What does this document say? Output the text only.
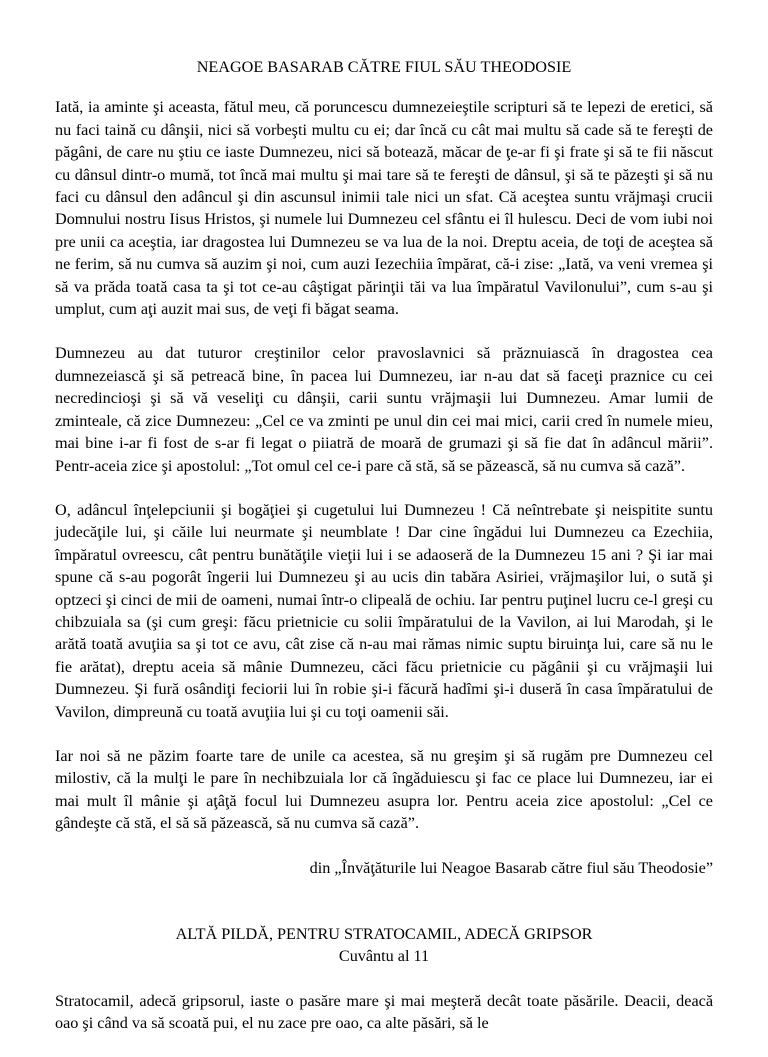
NEAGOE BASARAB CĂTRE FIUL SĂU THEODOSIE

Iată, ia aminte şi aceasta, fătul meu, că poruncescu dumnezeieştile scripturi să te lepezi de eretici, să nu faci taină cu dânşii, nici să vorbeşti multu cu ei; dar încă cu cât mai multu să cade să te fereşti de păgâni, de care nu ştiu ce iaste Dumnezeu, nici să botează, măcar de ţe-ar fi şi frate şi să te fii născut cu dânsul dintr-o mumă, tot încă mai multu şi mai tare să te fereşti de dânsul, şi să te păzeşti şi să nu faci cu dânsul den adâncul şi din ascunsul inimii tale nici un sfat. Că aceştea suntu vrăjmaşi crucii Domnului nostru Iisus Hristos, şi numele lui Dumnezeu cel sfântu ei îl hulescu. Deci de vom iubi noi pre unii ca aceştia, iar dragostea lui Dumnezeu se va lua de la noi. Dreptu aceia, de toţi de aceştea să ne ferim, să nu cumva să auzim şi noi, cum auzi Iezechiia împărat, că-i zise: „Iată, va veni vremea şi să va prăda toată casa ta şi tot ce-au câştigat părinţii tăi va lua împăratul Vavilonului”, cum s-au şi umplut, cum aţi auzit mai sus, de veţi fi băgat seama.

Dumnezeu au dat tuturor creştinilor celor pravoslavnici să prăznuiască în dragostea cea dumnezeiască şi să petreacă bine, în pacea lui Dumnezeu, iar n-au dat să faceţi praznice cu cei necredincioşi şi să vă veseliţi cu dânşii, carii suntu vrăjmaşii lui Dumnezeu. Amar lumii de zminteale, că zice Dumnezeu: „Cel ce va zminti pe unul din cei mai mici, carii cred în numele mieu, mai bine i-ar fi fost de s-ar fi legat o piiatră de moară de grumazi şi să fie dat în adâncul mării”. Pentr-aceia zice şi apostolul: „Tot omul cel ce-i pare că stă, să se păzească, să nu cumva să cază”.

O, adâncul înţelepciunii şi bogăţiei şi cugetului lui Dumnezeu ! Că neîntrebate şi neispitite suntu judecăţile lui, şi căile lui neurmate şi neumblate ! Dar cine îngădui lui Dumnezeu ca Ezechiia, împăratul ovreescu, cât pentru bunătăţile vieţii lui i se adaoseră de la Dumnezeu 15 ani ? Şi iar mai spune că s-au pogorât îngerii lui Dumnezeu şi au ucis din tabăra Asiriei, vrăjmaşilor lui, o sută şi optzeci şi cinci de mii de oameni, numai într-o clipeală de ochiu. Iar pentru puţinel lucru ce-l greşi cu chibzuiala sa (şi cum greşi: făcu prietnicie cu solii împăratului de la Vavilon, ai lui Marodah, şi le arătă toată avuţiia sa şi tot ce avu, cât zise că n-au mai rămas nimic suptu biruinţa lui, care să nu le fie arătat), dreptu aceia să mânie Dumnezeu, căci făcu prietnicie cu păgânii şi cu vrăjmaşii lui Dumnezeu. Şi fură osândiţi feciorii lui în robie şi-i făcură hadîmi şi-i duseră în casa împăratului de Vavilon, dimpreună cu toată avuţiia lui şi cu toţi oamenii săi.

Iar noi să ne păzim foarte tare de unile ca acestea, să nu greşim şi să rugăm pre Dumnezeu cel milostiv, că la mulţi le pare în nechibzuiala lor că îngăduiescu şi fac ce place lui Dumnezeu, iar ei mai mult îl mânie şi aţâţă focul lui Dumnezeu asupra lor. Pentru aceia zice apostolul: „Cel ce gândeşte că stă, el să să păzească, să nu cumva să cază”.

din „Învăţăturile lui Neagoe Basarab către fiul său Theodosie”

ALTĂ PILDĂ, PENTRU STRATOCAMIL, ADECĂ GRIPSOR

Cuvântu al 11

Stratocamil, adecă gripsorul, iaste o pasăre mare şi mai meşteră decât toate păsările. Deacii, deacă oao şi când va să scoată pui, el nu zace pre oao, ca alte păsări, să le
